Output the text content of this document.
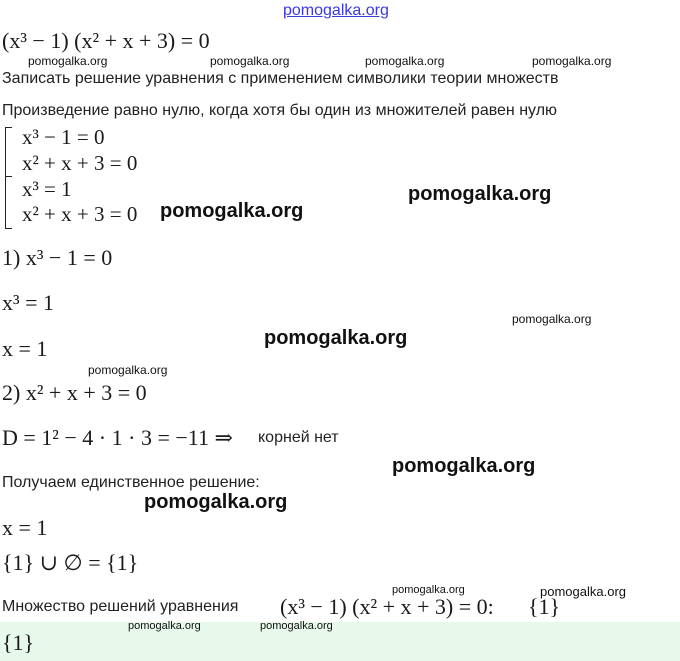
pomogalka.org
pomogalka.org	pomogalka.org	pomogalka.org	pomogalka.org
pomogalka.org
pomogalka.org
pomogalka.org
pomogalka.org
pomogalka.org
pomogalka.org
pomogalka.org
pomogalka.org	pomogalka.org
pomogalka.org	pomogalka.org
(x³ − 1) (x² + x + 3) = 0
Записать решение уравнения с применением символики теории множеств
Произведение равно нулю, когда хотя бы один из множителей равен нулю
x³ − 1 = 0
x² + x + 3 = 0
x³ = 1
x² + x + 3 = 0
1) x³ − 1 = 0
x³ = 1
x = 1
2) x² + x + 3 = 0
D = 1² − 4 · 1 · 3 = −11 ⇒ корней нет
Получаем единственное решение:
x = 1
{1} ∪ ∅ = {1}
Множество решений уравнения (x³ − 1) (x² + x + 3) = 0: {1}
{1}
